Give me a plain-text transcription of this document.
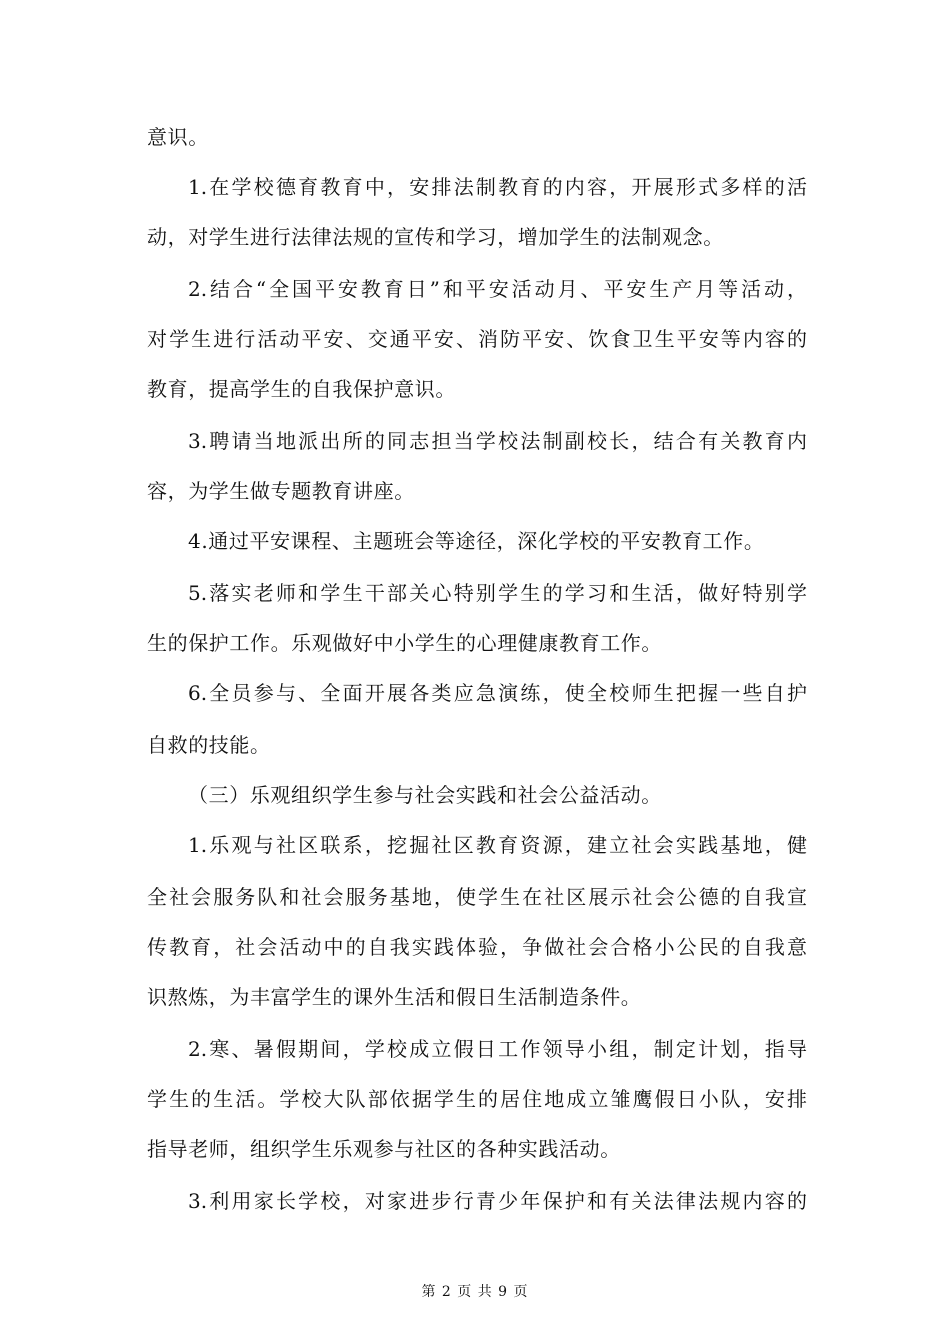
意识。
1.在学校德育教育中，安排法制教育的内容，开展形式多样的活
动，对学生进行法律法规的宣传和学习，增加学生的法制观念。
2.结合“全国平安教育日”和平安活动月、平安生产月等活动，
对学生进行活动平安、交通平安、消防平安、饮食卫生平安等内容的
教育，提高学生的自我保护意识。
3.聘请当地派出所的同志担当学校法制副校长，结合有关教育内
容，为学生做专题教育讲座。
4.通过平安课程、主题班会等途径，深化学校的平安教育工作。
5.落实老师和学生干部关心特别学生的学习和生活，做好特别学
生的保护工作。乐观做好中小学生的心理健康教育工作。
6.全员参与、全面开展各类应急演练，使全校师生把握一些自护
自救的技能。
（三）乐观组织学生参与社会实践和社会公益活动。
1.乐观与社区联系，挖掘社区教育资源，建立社会实践基地，健
全社会服务队和社会服务基地，使学生在社区展示社会公德的自我宣
传教育，社会活动中的自我实践体验，争做社会合格小公民的自我意
识熬炼，为丰富学生的课外生活和假日生活制造条件。
2.寒、暑假期间，学校成立假日工作领导小组，制定计划，指导
学生的生活。学校大队部依据学生的居住地成立雏鹰假日小队，安排
指导老师，组织学生乐观参与社区的各种实践活动。
3.利用家长学校，对家进步行青少年保护和有关法律法规内容的
第 2 页 共 9 页
